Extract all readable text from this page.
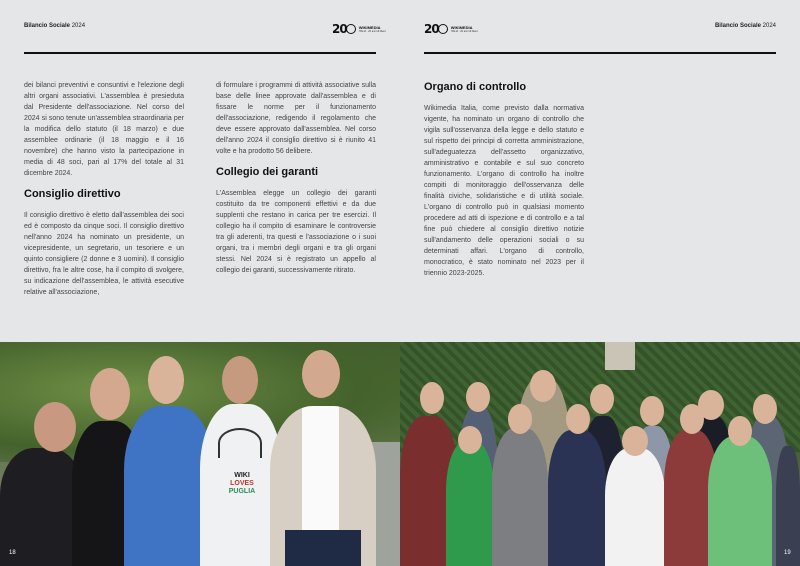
Bilancio Sociale 2024	20	WIKIMEDIA
ITALIA · 20 anni di libero

dei bilanci preventivi e consuntivi e l'elezione degli altri organi associativi. L'assemblea è presieduta dal Presidente dell'associazione. Nel corso del 2024 si sono tenute un'assemblea straordinaria per la modifica dello statuto (il 18 marzo) e due assemblee ordinarie (il 18 maggio e il 16 novembre) che hanno visto la partecipazione in media di 48 soci, pari al 17% del totale al 31 dicembre 2024.

Consiglio direttivo

Il consiglio direttivo è eletto dall'assemblea dei soci ed è composto da cinque soci. Il consiglio direttivo nell'anno 2024 ha nominato un presidente, un vicepresidente, un segretario, un tesoriere e un quinto consigliere (2 donne e 3 uomini). Il consiglio direttivo, fra le altre cose, ha il compito di svolgere, su indicazione dell'assemblea, le attività esecutive relative all'associazione,

di formulare i programmi di attività associative sulla base delle linee approvate dall'assemblea e di fissare le norme per il funzionamento dell'associazione, redigendo il regolamento che deve essere approvato dall'assemblea. Nel corso dell'anno 2024 il consiglio direttivo si è riunito 41 volte e ha prodotto 56 delibere.

Collegio dei garanti

L'Assemblea elegge un collegio dei garanti costituito da tre componenti effettivi e da due supplenti che restano in carica per tre esercizi. Il collegio ha il compito di esaminare le controversie tra gli aderenti, tra questi e l'associazione o i suoi organi, tra i membri degli organi e tra gli organi stessi. Nel 2024 si è registrato un appello al collegio dei garanti, successivamente ritirato.

20	WIKIMEDIA
ITALIA · 20 anni di libero
Bilancio Sociale 2024
Organo di controllo

Wikimedia Italia, come previsto dalla normativa vigente, ha nominato un organo di controllo che vigila sull'osservanza della legge e dello statuto e sul rispetto dei principi di corretta amministrazione, sull'adeguatezza dell'assetto organizzativo, amministrativo e contabile e sul suo concreto funzionamento. L'organo di controllo ha inoltre compiti di monitoraggio dell'osservanza delle finalità civiche, solidaristiche e di utilità sociale. L'organo di controllo può in qualsiasi momento procedere ad atti di ispezione e di controllo e a tal fine può chiedere al consiglio direttivo notizie sull'andamento delle operazioni sociali o su determinati affari. L'organo di controllo, monocratico, è stato nominato nel 2023 per il triennio 2023-2025.

WIKI
LOVES
PUGLIA
18	19
